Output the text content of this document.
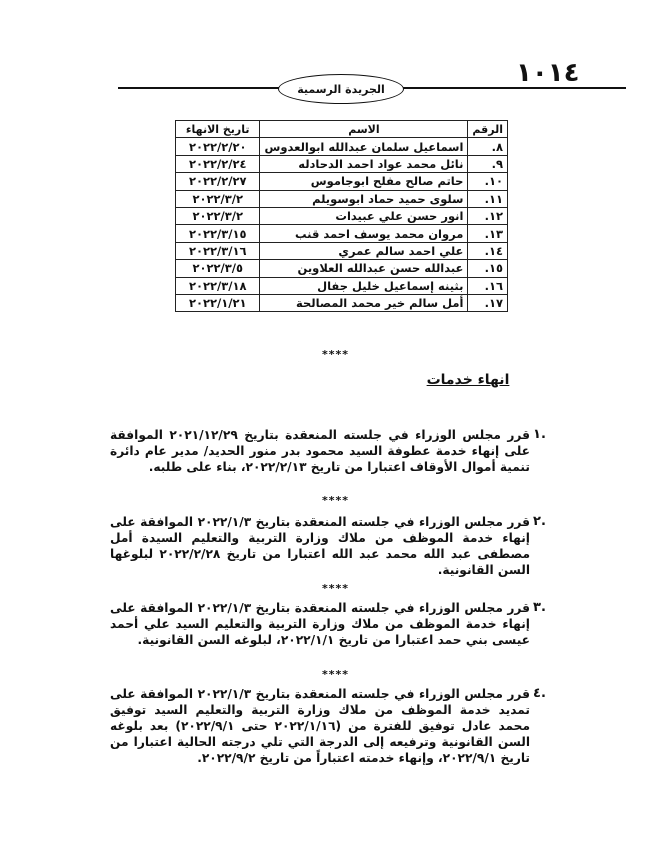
١٠١٤
الجريدة الرسمية
الرقم	الاسم	تاريخ الانهاء
٨.	اسماعيل سلمان عبدالله ابوالعدوس	٢٠٢٢/٢/٢٠
٩.	نائل محمد عواد احمد الدحادله	٢٠٢٢/٢/٢٤
١٠.	حاتم صالح مفلح ابوجاموس	٢٠٢٢/٢/٢٧
١١.	سلوى حميد حماد ابوسويلم	٢٠٢٢/٣/٢
١٢.	انور حسن علي عبيدات	٢٠٢٢/٣/٢
١٣.	مروان محمد يوسف احمد قنب	٢٠٢٢/٣/١٥
١٤.	علي احمد سالم عمري	٢٠٢٢/٣/١٦
١٥.	عبدالله حسن عبدالله العلاوين	٢٠٢٢/٣/٥
١٦.	بثينه إسماعيل خليل جفال	٢٠٢٢/٣/١٨
١٧.	أمل سالم خير محمد المصالحة	٢٠٢٢/١/٢١
****
انهاء خدمات
١.
قرر مجلس الوزراء في جلسته المنعقدة بتاريخ ٢٠٢١/١٢/٢٩ الموافقة على إنهاء خدمة عطوفة السيد محمود بدر منور الحديد/ مدير عام دائرة تنمية أموال الأوقاف اعتبارا من تاريخ ٢٠٢٢/٢/١٣، بناء على طلبه.
****
٢.
قرر مجلس الوزراء في جلسته المنعقدة بتاريخ ٢٠٢٢/١/٣ الموافقة على إنهاء خدمة الموظف من ملاك وزارة التربية والتعليم السيدة أمل مصطفى عبد الله محمد عبد الله اعتبارا من تاريخ ٢٠٢٢/٢/٢٨ لبلوغها السن القانونية.
****
٣.
قرر مجلس الوزراء في جلسته المنعقدة بتاريخ ٢٠٢٢/١/٣ الموافقة على إنهاء خدمة الموظف من ملاك وزارة التربية والتعليم السيد علي أحمد عيسى بني حمد اعتبارا من تاريخ ٢٠٢٢/١/١، لبلوغه السن القانونية.
****
٤.
قرر مجلس الوزراء في جلسته المنعقدة بتاريخ ٢٠٢٢/١/٣ الموافقة على تمديد خدمة الموظف من ملاك وزارة التربية والتعليم السيد توفيق محمد عادل توفيق للفترة من (٢٠٢٢/١/١٦ حتى ٢٠٢٢/٩/١) بعد بلوغه السن القانونية وترفيعه إلى الدرجة التي تلي درجته الحالية اعتبارا من تاريخ ٢٠٢٢/٩/١، وإنهاء خدمته اعتباراً من تاريخ ٢٠٢٢/٩/٢.
